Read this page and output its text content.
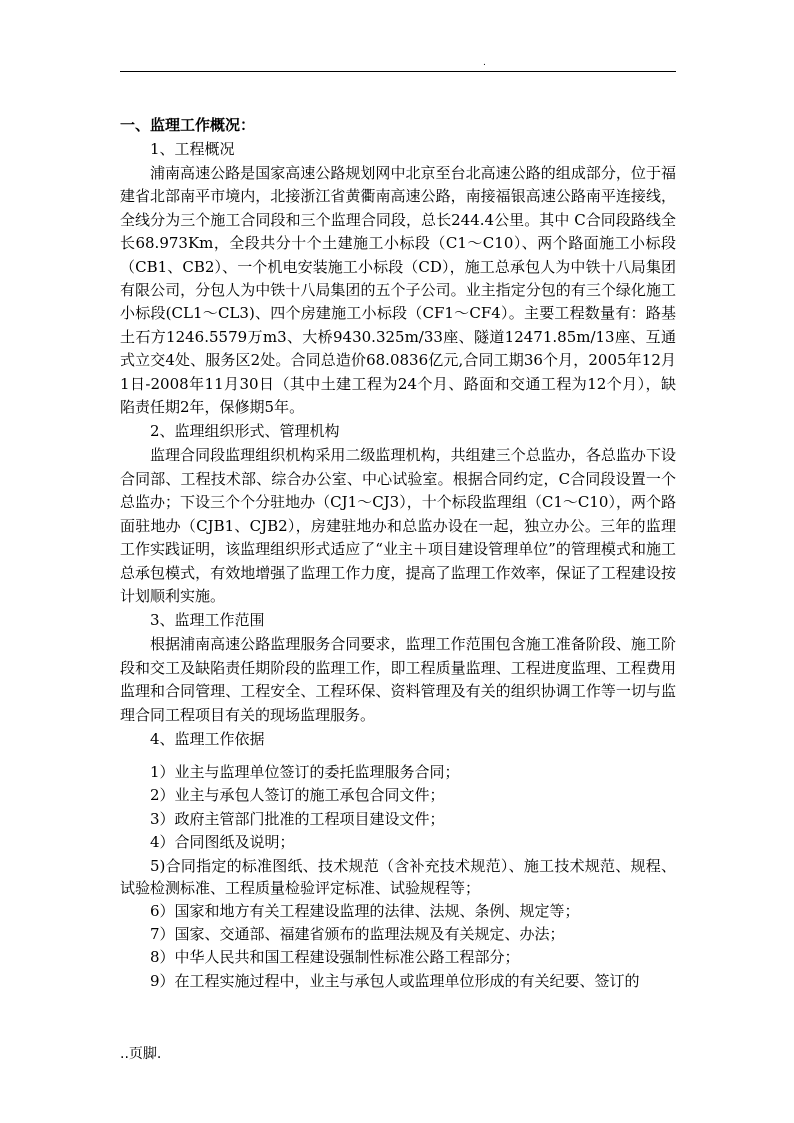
.
一、监理工作概况：
1、工程概况

浦南高速公路是国家高速公路规划网中北京至台北高速公路的组成部分，位于福建省北部南平市境内，北接浙江省黄衢南高速公路，南接福银高速公路南平连接线，全线分为三个施工合同段和三个监理合同段，总长244.4公里。其中 C合同段路线全长68.973Km，全段共分十个土建施工小标段（C1～C10）、两个路面施工小标段（CB1、CB2）、一个机电安装施工小标段（CD），施工总承包人为中铁十八局集团有限公司，分包人为中铁十八局集团的五个子公司。业主指定分包的有三个绿化施工小标段(CL1～CL3)、四个房建施工小标段（CF1～CF4）。主要工程数量有：路基土石方1246.5579万m3、大桥9430.325m/33座、隧道12471.85m/13座、互通式立交4处、服务区2处。合同总造价68.0836亿元,合同工期36个月，2005年12月1日-2008年11月30日（其中土建工程为24个月、路面和交通工程为12个月），缺陷责任期2年，保修期5年。

2、监理组织形式、管理机构

监理合同段监理组织机构采用二级监理机构，共组建三个总监办，各总监办下设合同部、工程技术部、综合办公室、中心试验室。根据合同约定，C合同段设置一个总监办；下设三个个分驻地办（CJ1～CJ3），十个标段监理组（C1～C10），两个路面驻地办（CJB1、CJB2），房建驻地办和总监办设在一起，独立办公。三年的监理工作实践证明，该监理组织形式适应了“业主＋项目建设管理单位”的管理模式和施工总承包模式，有效地增强了监理工作力度，提高了监理工作效率，保证了工程建设按计划顺利实施。

3、监理工作范围

根据浦南高速公路监理服务合同要求，监理工作范围包含施工准备阶段、施工阶段和交工及缺陷责任期阶段的监理工作，即工程质量监理、工程进度监理、工程费用监理和合同管理、工程安全、工程环保、资料管理及有关的组织协调工作等一切与监理合同工程项目有关的现场监理服务。

4、监理工作依据
1）业主与监理单位签订的委托监理服务合同；
2）业主与承包人签订的施工承包合同文件；
3）政府主管部门批准的工程项目建设文件；
4）合同图纸及说明；

5)合同指定的标准图纸、技术规范（含补充技术规范）、施工技术规范、规程、试验检测标准、工程质量检验评定标准、试验规程等；

6）国家和地方有关工程建设监理的法律、法规、条例、规定等；
7）国家、交通部、福建省颁布的监理法规及有关规定、办法；
8）中华人民共和国工程建设强制性标准公路工程部分；
9）在工程实施过程中，业主与承包人或监理单位形成的有关纪要、签订的
..页脚.
